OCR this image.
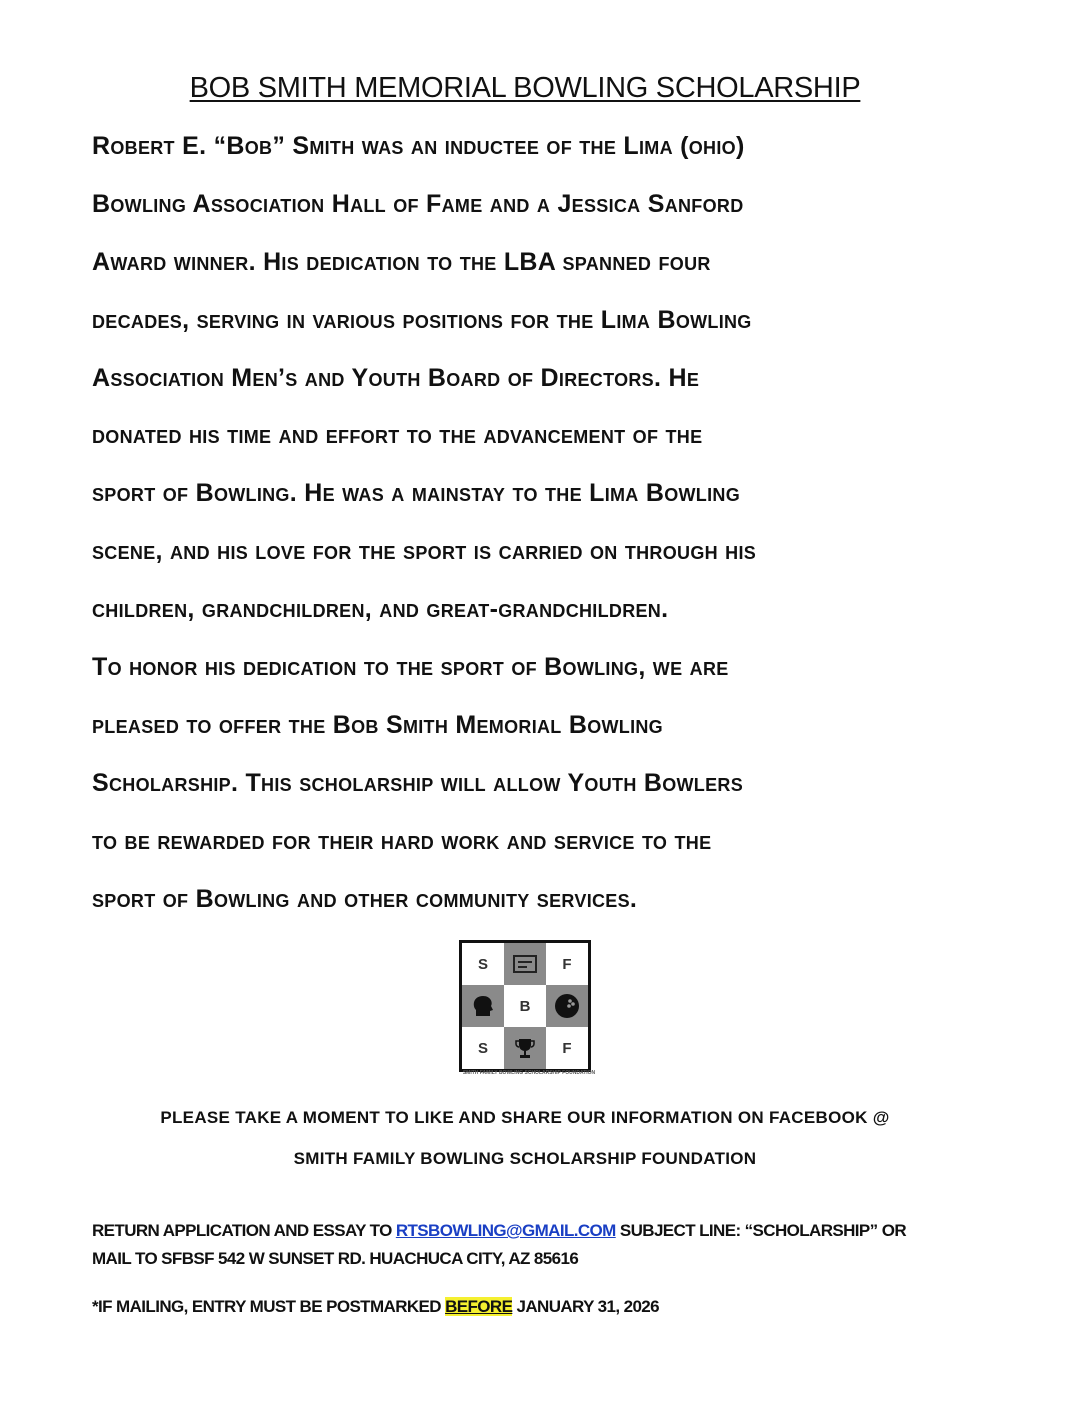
BOB SMITH MEMORIAL BOWLING SCHOLARSHIP
Robert E. “Bob” Smith was an inductee of the Lima (ohio)
Bowling Association Hall of Fame and a Jessica Sanford
Award winner. His dedication to the LBA spanned four
decades, serving in various positions for the Lima Bowling
Association Men’s and Youth Board of Directors. He
donated his time and effort to the advancement of the
sport of Bowling. He was a mainstay to the Lima Bowling
scene, and his love for the sport is carried on through his
children, grandchildren, and great-grandchildren.
To honor his dedication to the sport of Bowling, we are
pleased to offer the Bob Smith Memorial Bowling
Scholarship. This scholarship will allow Youth Bowlers
to be rewarded for their hard work and service to the
sport of Bowling and other community services.
S	F
B
S	F
SMITH FAMILY BOWLING SCHOLARSHIP FOUNDATION
PLEASE TAKE A MOMENT TO LIKE AND SHARE OUR INFORMATION ON FACEBOOK @
SMITH FAMILY BOWLING SCHOLARSHIP FOUNDATION
RETURN APPLICATION AND ESSAY TO RTSBOWLING@GMAIL.COM SUBJECT LINE: “SCHOLARSHIP” OR
MAIL TO SFBSF 542 W SUNSET RD. HUACHUCA CITY, AZ 85616
*IF MAILING, ENTRY MUST BE POSTMARKED BEFORE JANUARY 31, 2026
